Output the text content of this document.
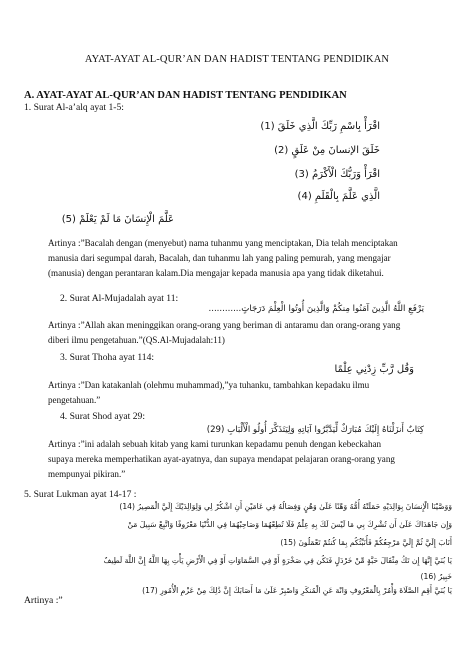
AYAT-AYAT AL-QUR’AN DAN HADIST TENTANG PENDIDIKAN
A. AYAT-AYAT AL-QUR’AN DAN HADIST TENTANG PENDIDIKAN
1. Surat Al-a’alq ayat 1-5:
اقْرَأْ بِاسْمِ رَبِّكَ الَّذِي خَلَقَ (1)
خَلَقَ الإنسانَ مِنْ عَلَقٍ (2)
اقْرَأْ وَرَبُّكَ الْأَكْرَمُ (3)
الَّذِي عَلَّمَ بِالْقَلَمِ (4)
عَلَّمَ الْإِنسَانَ مَا لَمْ يَعْلَمْ (5)
Artinya :”Bacalah dengan (menyebut) nama tuhanmu yang menciptakan, Dia telah menciptakan
manusia dari segumpal darah, Bacalah, dan tuhanmu lah yang paling pemurah, yang mengajar
(manusia) dengan perantaran kalam.Dia mengajar kepada manusia apa yang tidak diketahui.
2. Surat Al-Mujadalah ayat 11:
يَرْفَعِ اللَّهُ الَّذِينَ آمَنُوا مِنكُمْ وَالَّذِينَ أُوتُوا الْعِلْمَ دَرَجَاتٍ............
Artinya :”Allah akan meninggikan orang-orang yang beriman di antaramu dan orang-orang yang
diberi ilmu pengetahuan.”(QS.Al-Mujadalah:11)
3. Surat Thoha ayat 114:
وَقُل رَّبِّ زِدْنِي عِلْمًا
Artinya :”Dan katakanlah (olehmu muhammad),”ya tuhanku, tambahkan kepadaku ilmu
pengetahuan.”
4. Surat Shod ayat 29:
كِتَابٌ أَنزَلْنَاهُ إِلَيْكَ مُبَارَكٌ لِّيَدَّبَّرُوا آيَاتِهِ وَلِيَتَذَكَّرَ أُولُو الْأَلْبَابِ (29)
Artinya :”ini adalah sebuah kitab yang kami turunkan kepadamu penuh dengan kebeckahan
supaya mereka memperhatikan ayat-ayatnya, dan supaya mendapat pelajaran orang-orang yang
mempunyai pikiran.”
5. Surat Lukman ayat 14-17 :
وَوَصَّيْنَا الْإِنسَانَ بِوَالِدَيْهِ حَمَلَتْهُ أُمُّهُ وَهْنًا عَلَىٰ وَهْنٍ وَفِصَالُهُ فِي عَامَيْنِ أَنِ اشْكُرْ لِي وَلِوَالِدَيْكَ إِلَيَّ الْمَصِيرُ (14)
وَإِن جَاهَدَاكَ عَلَىٰ أَن تُشْرِكَ بِي مَا لَيْسَ لَكَ بِهِ عِلْمٌ فَلَا تُطِعْهُمَا وَصَاحِبْهُمَا فِي الدُّنْيَا مَعْرُوفًا وَاتَّبِعْ سَبِيلَ مَنْ
أَنَابَ إِلَيَّ ثُمَّ إِلَيَّ مَرْجِعُكُمْ فَأُنَبِّئُكُم بِمَا كُنتُمْ تَعْمَلُونَ (15)
يَا بُنَيَّ إِنَّهَا إِن تَكُ مِثْقَالَ حَبَّةٍ مِّنْ خَرْدَلٍ فَتَكُن فِي صَخْرَةٍ أَوْ فِي السَّمَاوَاتِ أَوْ فِي الْأَرْضِ يَأْتِ بِهَا اللَّهُ إِنَّ اللَّهَ لَطِيفٌ
خَبِيرٌ (16)
يَا بُنَيَّ أَقِمِ الصَّلَاةَ وَأْمُرْ بِالْمَعْرُوفِ وَانْهَ عَنِ الْمُنكَرِ وَاصْبِرْ عَلَىٰ مَا أَصَابَكَ إِنَّ ذَٰلِكَ مِنْ عَزْمِ الْأُمُورِ (17)
Artinya :”
